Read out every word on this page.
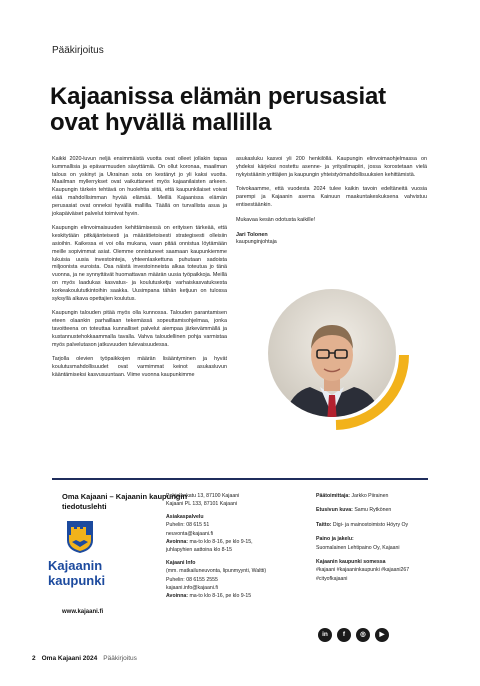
Pääkirjoitus
Kajaanissa elämän perusasiat ovat hyvällä mallilla

Kaikki 2020-luvun neljä ensimmäistä vuotta ovat olleet jollakin tapaa kummallisia ja epävarmuuden sävyttämiä. On ollut koronaa, maailman talous on yskinyt ja Ukrainan sota on kestänyt jo yli kaksi vuotta. Maailman myllerrykset ovat vaikuttaneet myös kajaanilaisten arkeen. Kaupungin tärkein tehtävä on huolehtia siitä, että kaupunkilaiset voivat elää mahdollisimman hyvää elämää. Meillä Kajaanissa elämän perusasiat ovat onneksi hyvällä mallilla. Täällä on turvallista asua ja jokapäiväiset palvelut toimivat hyvin.

Kaupungin elinvoimaisuuden kehittämisessä on erityisen tärkeää, että keskitytään pitkäjänteisesti ja määrätietoisesti strategisesti olleisiin asioihin. Kaikessa ei voi olla mukana, vaan pitää onnistua löytämään meille sopivimmat asiat. Olemme onnistuneet saamaan kaupunkiemme lukuisia uusia investointeja, yhteenlaskettuna puhutaan sadoista miljoonista euroista. Osa näistä investoinneista alkaa toteutua jo tänä vuonna, ja ne synnyttävät huomattavan määrän uusia työpaikkoja. Meillä on myös laadukas kasvatus- ja koulutusketju varhaiskasvatuksesta korkeakoulututkintoihin saakka. Uusimpana tähän ketjuun on tulossa syksyllä alkava opettajien koulutus.

Kaupungin talouden pitää myös olla kunnossa. Talouden parantamisen eteen olaankin parhaillaan tekemässä sopeuttamisohjelmaa, jonka tavoitteena on toteuttaa kunnalliset palvelut aiempaa järkevämmällä ja kustannustehokkaammalla tavalla. Vahva taloudellinen pohja varmistaa myös palvelutason jatkuvuuden tulevaisuudessa.

Tarjolla olevien työpaikkojen määrän lisääntyminen ja hyvät koulutusmahdollisuudet ovat varmimmat keinot asukasluvun kääntämiseksi kasvusuuntaan. Viime vuonna kaupunkimme

asukasluku kasvoi yli 200 henkilöllä. Kaupungin elinvoimaohjelmassa on yhdeksi kärjeksi nostettu asenne- ja yritysilmapiiri, jossa korostetaan vielä nykyistäänin yrittäjien ja kaupungin yhteistyömahdollisuuksien kehittämistä.

Toivokaamme, että vuodesta 2024 tulee kaikin tavoin edeltäneitä vuosia parempi ja Kajaanin asema Kainuun maakuntakeskuksena vahvistuu entisestäänkin.

Mukavaa kesän odotusta kaikille!

Jari Tolonen
kaupunginjohtaja
Oma Kajaani – Kajaanin kaupungin tiedotuslehti
Kajaanin
kaupunki
www.kajaani.fi
Pohjolankatu 13, 87100 Kajaani
Kajaani PL 133, 87101 Kajaani
Asiakaspalvelu
Puhelin: 08 615 51
neuvonta@kajaani.fi
Avoinna: ma-to klo 8-16, pe klo 9-15,
juhlapyhien aattoina klo 8-15
Kajaani Info
(mm. matkailuneuvonta, lipunmyynti, Waltti)
Puhelin: 08 6155 2555
kajaani.info@kajaani.fi
Avoinna: ma-to klo 8-16, pe klo 9-15
Päätoimittaja: Jarkko Piirainen
Etusivun kuva: Samu Rytkönen
Taitto: Digi- ja mainostoimisto Höyry Oy
Paino ja jakelu:
Suomalainen Lehtipaino Oy, Kajaani
Kajaanin kaupunki somessa
#kajaani #kajaaninkaupunki #kajaani267 #cityofkajaani
in	f	◎	▶
2 Oma Kajaani 2024 Pääkirjoitus
